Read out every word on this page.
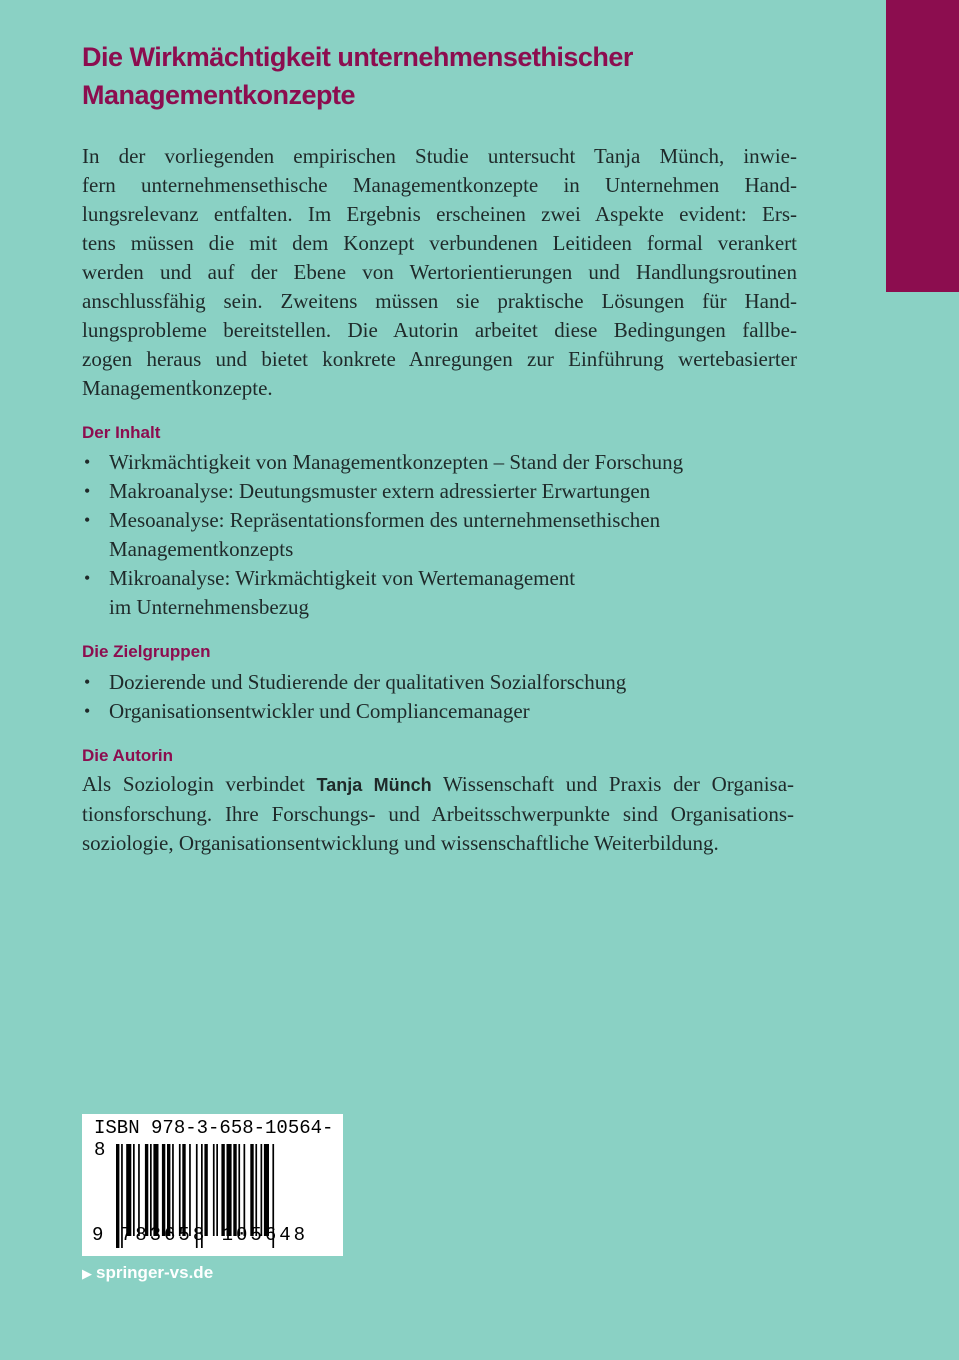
Die Wirkmächtigkeit unternehmensethischer
Managementkonzepte

In der vorliegenden empirischen Studie untersucht Tanja Münch, inwie-
fern unternehmensethische Managementkonzepte in Unternehmen Hand-
lungsrelevanz entfalten. Im Ergebnis erscheinen zwei Aspekte evident: Ers-
tens müssen die mit dem Konzept verbundenen Leitideen formal verankert
werden und auf der Ebene von Wertorientierungen und Handlungsroutinen
anschlussfähig sein. Zweitens müssen sie praktische Lösungen für Hand-
lungsprobleme bereitstellen. Die Autorin arbeitet diese Bedingungen fallbe-
zogen heraus und bietet konkrete Anregungen zur Einführung wertebasierter
Managementkonzepte.

Der Inhalt
• Wirkmächtigkeit von Managementkonzepten – Stand der Forschung
• Makroanalyse: Deutungsmuster extern adressierter Erwartungen
• Mesoanalyse: Repräsentationsformen des unternehmensethischen
Managementkonzepts
• Mikroanalyse: Wirkmächtigkeit von Wertemanagement
im Unternehmensbezug
Die Zielgruppen
• Dozierende und Studierende der qualitativen Sozialforschung
• Organisationsentwickler und Compliancemanager
Die Autorin

Als Soziologin verbindet Tanja Münch Wissenschaft und Praxis der Organisa-
tionsforschung. Ihre Forschungs- und Arbeitsschwerpunkte sind Organisations-
soziologie, Organisationsentwicklung und wissenschaftliche Weiterbildung.

ISBN 978-3-658-10564-8
9 783658 105648
▶ springer-vs.de
